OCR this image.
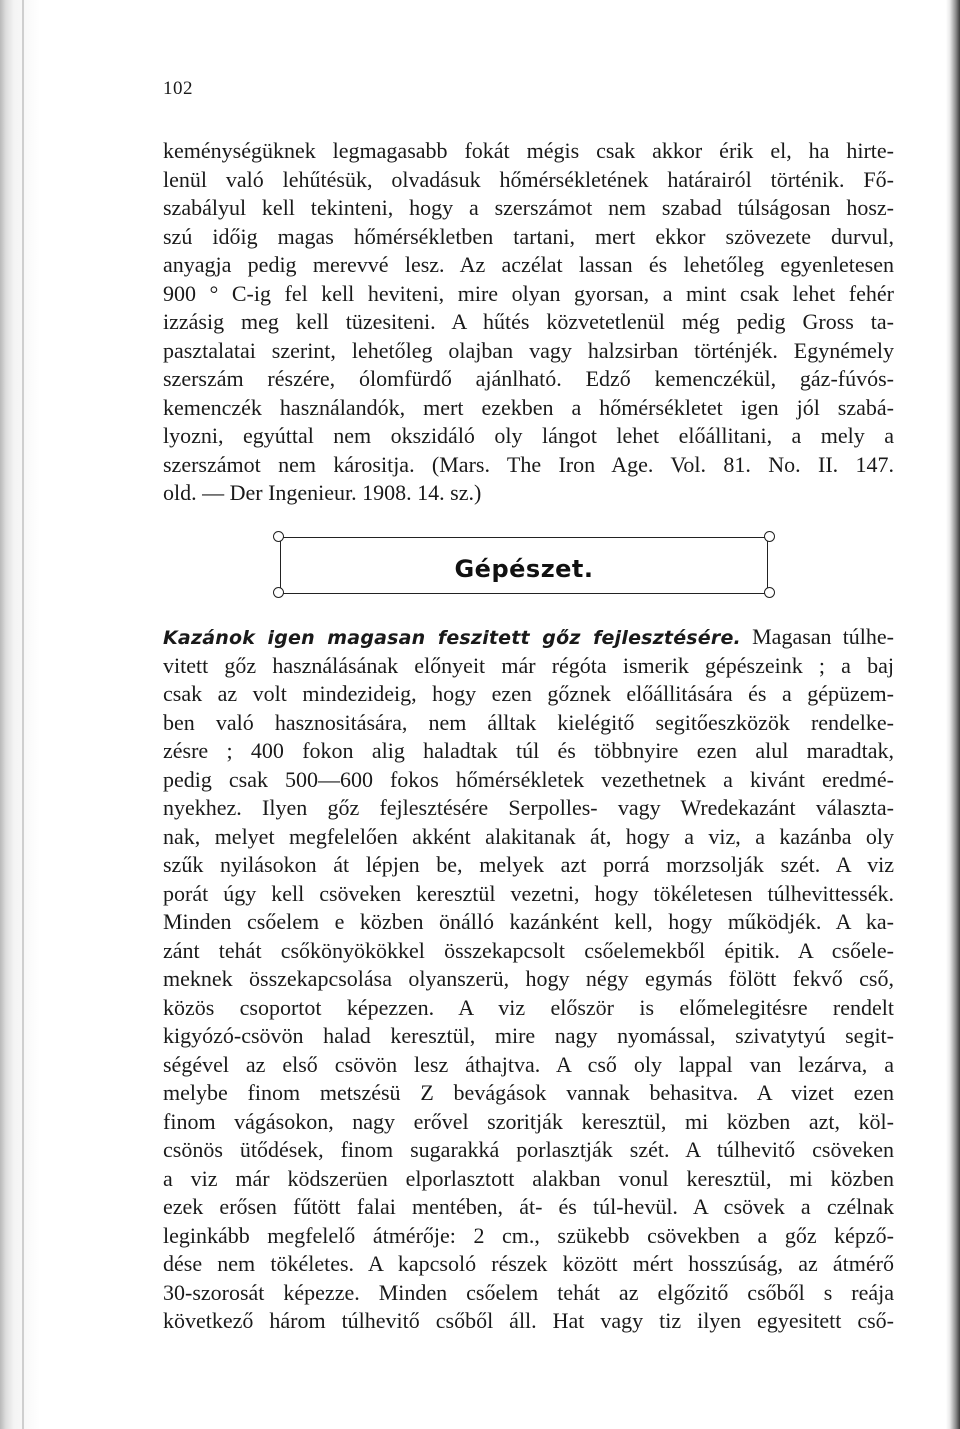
102
keménységüknek legmagasabb fokát mégis csak akkor érik el, ha hirte-
lenül való lehűtésük, olvadásuk hőmérsékletének határairól történik. Fő-
szabályul kell tekinteni, hogy a szerszámot nem szabad túlságosan hosz-
szú időig magas hőmérsékletben tartani, mert ekkor szövezete durvul,
anyagja pedig merevvé lesz. Az aczélat lassan és lehetőleg egyenletesen
900 ° C-ig fel kell heviteni, mire olyan gyorsan, a mint csak lehet fehér
izzásig meg kell tüzesiteni. A hűtés közvetetlenül még pedig Gross ta-
pasztalatai szerint, lehetőleg olajban vagy halzsirban történjék. Egynémely
szerszám részére, ólomfürdő ajánlható. Edző kemenczékül, gáz-fúvós-
kemenczék használandók, mert ezekben a hőmérsékletet igen jól szabá-
lyozni, egyúttal nem okszidáló oly lángot lehet előállitani, a mely a
szerszámot nem kárositja. (Mars. The Iron Age. Vol. 81. No. II. 147.
old. — Der Ingenieur. 1908. 14. sz.)
Gépészet.
Kazánok igen magasan feszitett gőz fejlesztésére. Magasan túlhe-
vitett gőz használásának előnyeit már régóta ismerik gépészeink ; a baj
csak az volt mindezideig, hogy ezen gőznek előállitására és a gépüzem-
ben való hasznositására, nem álltak kielégitő segitőeszközök rendelke-
zésre ; 400 fokon alig haladtak túl és többnyire ezen alul maradtak,
pedig csak 500—600 fokos hőmérsékletek vezethetnek a kivánt eredmé-
nyekhez. Ilyen gőz fejlesztésére Serpolles- vagy Wredekazánt választa-
nak, melyet megfelelően akként alakitanak át, hogy a viz, a kazánba oly
szűk nyilásokon át lépjen be, melyek azt porrá morzsolják szét. A viz
porát úgy kell csöveken keresztül vezetni, hogy tökéletesen túlhevittessék.
Minden csőelem e közben önálló kazánként kell, hogy működjék. A ka-
zánt tehát csőkönyökökkel összekapcsolt csőelemekből épitik. A csőele-
meknek összekapcsolása olyanszerü, hogy négy egymás fölött fekvő cső,
közös csoportot képezzen. A viz először is előmelegitésre rendelt
kigyózó-csövön halad keresztül, mire nagy nyomással, szivatytyú segit-
ségével az első csövön lesz áthajtva. A cső oly lappal van lezárva, a
melybe finom metszésü Z bevágások vannak behasitva. A vizet ezen
finom vágásokon, nagy erővel szoritják keresztül, mi közben azt, köl-
csönös ütődések, finom sugarakká porlasztják szét. A túlhevitő csöveken
a viz már ködszerüen elporlasztott alakban vonul keresztül, mi közben
ezek erősen fűtött falai mentében, át- és túl-hevül. A csövek a czélnak
leginkább megfelelő átmérője: 2 cm., szükebb csövekben a gőz képző-
dése nem tökéletes. A kapcsoló részek között mért hosszúság, az átmérő
30-szorosát képezze. Minden csőelem tehát az elgőzitő csőből s reája
következő három túlhevitő csőből áll. Hat vagy tiz ilyen egyesitett cső-
